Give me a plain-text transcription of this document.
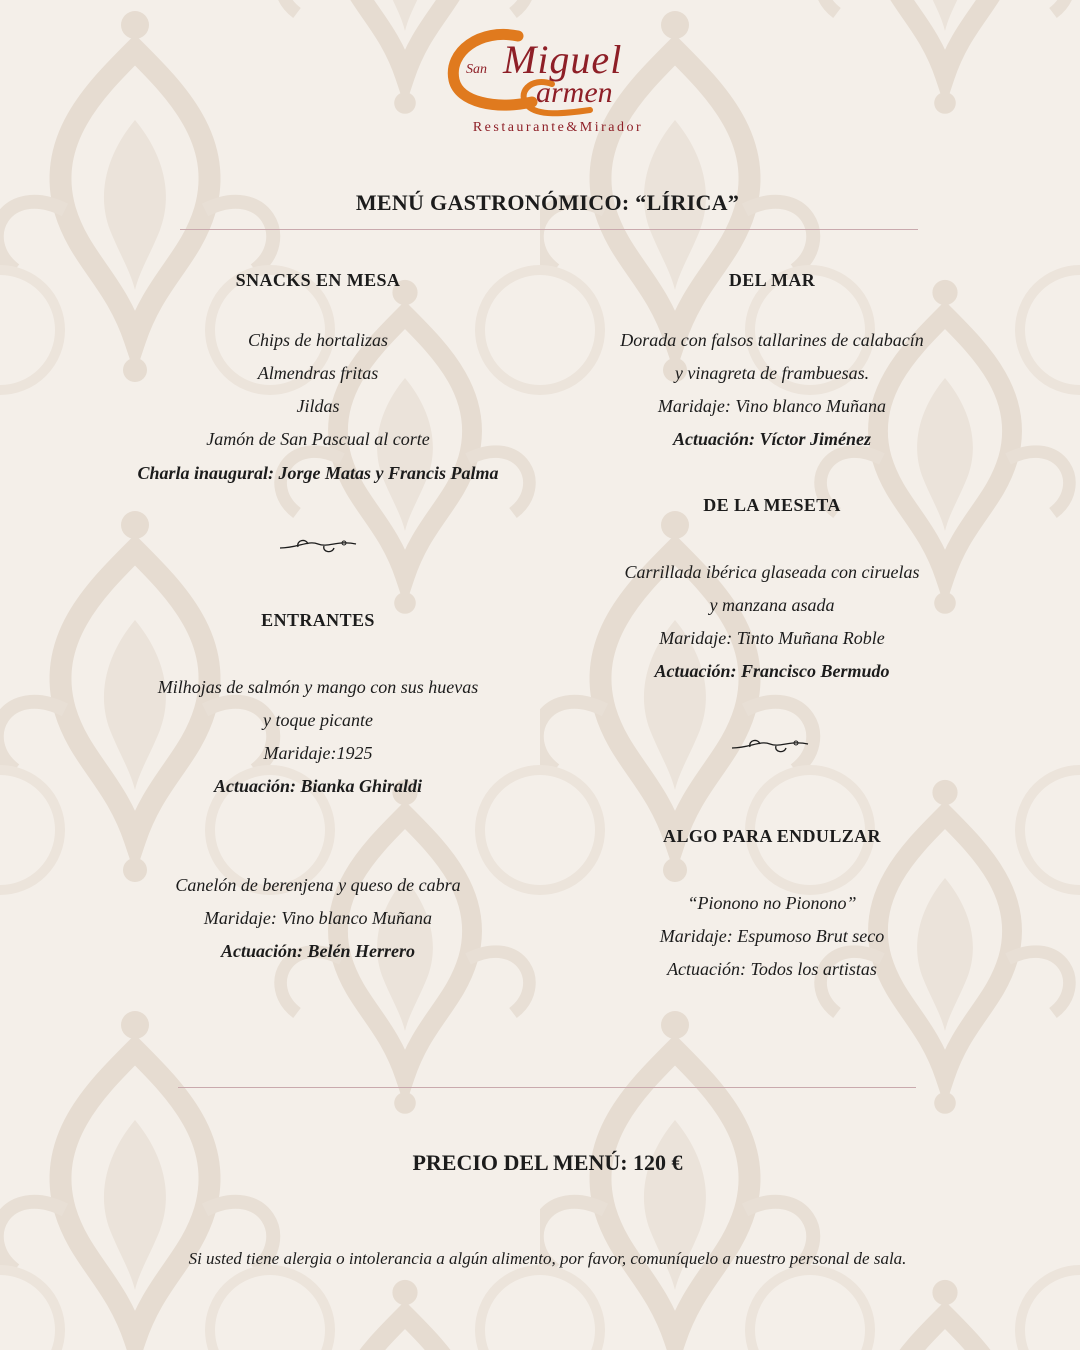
San Miguel
armen
Restaurante&Mirador
MENÚ GASTRONÓMICO: “LÍRICA”
SNACKS EN MESA
Chips de hortalizas
Almendras fritas
Jildas
Jamón de San Pascual al corte
Charla inaugural: Jorge Matas y Francis Palma
ENTRANTES
Milhojas de salmón y mango con sus huevas
y toque picante
Maridaje:1925
Actuación: Bianka Ghiraldi
Canelón de berenjena y queso de cabra
Maridaje: Vino blanco Muñana
Actuación: Belén Herrero
DEL MAR
Dorada con falsos tallarines de calabacín
y vinagreta de frambuesas.
Maridaje: Vino blanco Muñana
Actuación: Víctor Jiménez
DE LA MESETA
Carrillada ibérica glaseada con ciruelas
y manzana asada
Maridaje: Tinto Muñana Roble
Actuación: Francisco Bermudo
ALGO PARA ENDULZAR
“Pionono no Pionono”
Maridaje: Espumoso Brut seco
Actuación: Todos los artistas
PRECIO DEL MENÚ: 120 €
Si usted tiene alergia o intolerancia a algún alimento, por favor, comuníquelo a nuestro personal de sala.
